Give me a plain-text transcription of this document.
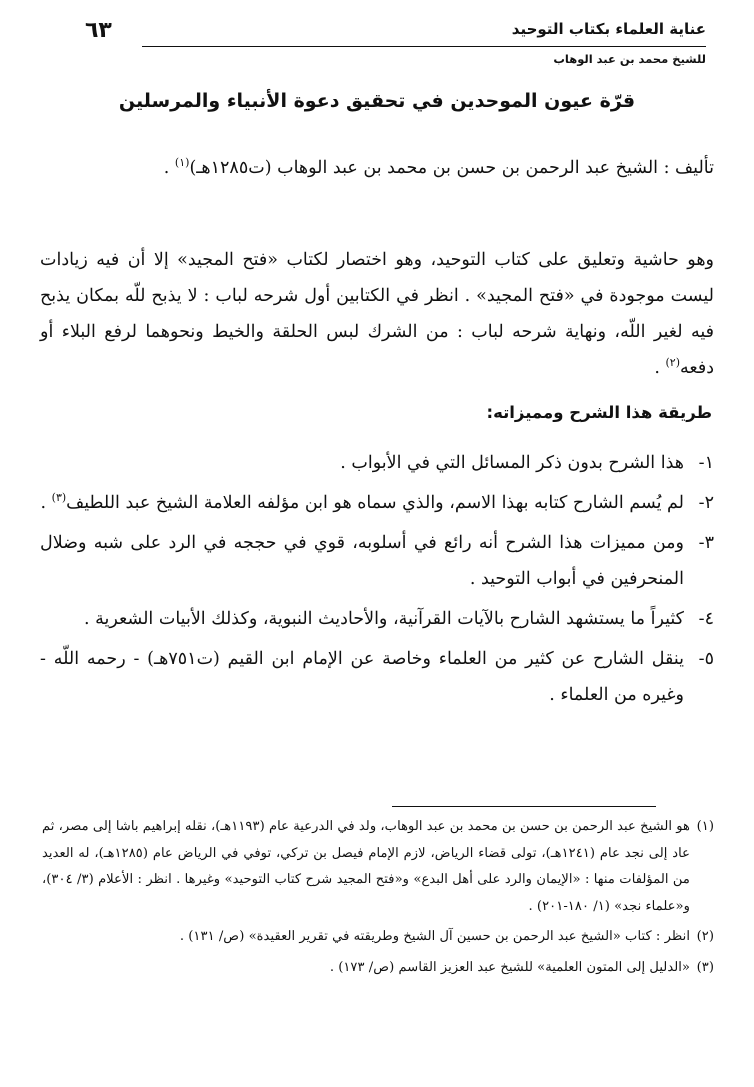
عناية العلماء بكتاب التوحيد
٦٣
للشيخ محمد بن عبد الوهاب
قرّة عيون الموحدين في تحقيق دعوة الأنبياء والمرسلين

تأليف : الشيخ عبد الرحمن بن حسن بن محمد بن عبد الوهاب (ت١٢٨٥هـ)$^{(١)}$ .

وهو حاشية وتعليق على كتاب التوحيد، وهو اختصار لكتاب «فتح المجيد» إلا أن فيه زيادات ليست موجودة في «فتح المجيد» . انظر في الكتابين أول شرحه لباب : لا يذبح للّه بمكان يذبح فيه لغير اللّه، ونهاية شرحه لباب : من الشرك لبس الحلقة والخيط ونحوهما لرفع البلاء أو دفعه$^{(٢)}$ .

طريقة هذا الشرح ومميزاته:
١-
هذا الشرح بدون ذكر المسائل التي في الأبواب .
٢-
لم يُسم الشارح كتابه بهذا الاسم، والذي سماه هو ابن مؤلفه العلامة الشيخ عبد اللطيف$^{(٣)}$ .
٣-
ومن مميزات هذا الشرح أنه رائع في أسلوبه، قوي في حججه في الرد على شبه وضلال المنحرفين في أبواب التوحيد .
٤-
كثيراً ما يستشهد الشارح بالآيات القرآنية، والأحاديث النبوية، وكذلك الأبيات الشعرية .
٥-
ينقل الشارح عن كثير من العلماء وخاصة عن الإمام ابن القيم (ت٧٥١هـ) - رحمه اللّه - وغيره من العلماء .
(١)
هو الشيخ عبد الرحمن بن حسن بن محمد بن عبد الوهاب، ولد في الدرعية عام (١١٩٣هـ)، نقله إبراهيم باشا إلى مصر، ثم عاد إلى نجد عام (١٢٤١هـ)، تولى قضاء الرياض، لازم الإمام فيصل بن تركي، توفي في الرياض عام (١٢٨٥هـ)، له العديد من المؤلفات منها : «الإيمان والرد على أهل البدع» و«فتح المجيد شرح كتاب التوحيد» وغيرها . انظر : الأعلام (٣/ ٣٠٤)، و«علماء نجد» (١/ ١٨٠-٢٠١) .
(٢)
انظر : كتاب «الشيخ عبد الرحمن بن حسين آل الشيخ وطريقته في تقرير العقيدة» (ص/ ١٣١) .
(٣)
«الدليل إلى المتون العلمية» للشيخ عبد العزيز القاسم (ص/ ١٧٣) .
